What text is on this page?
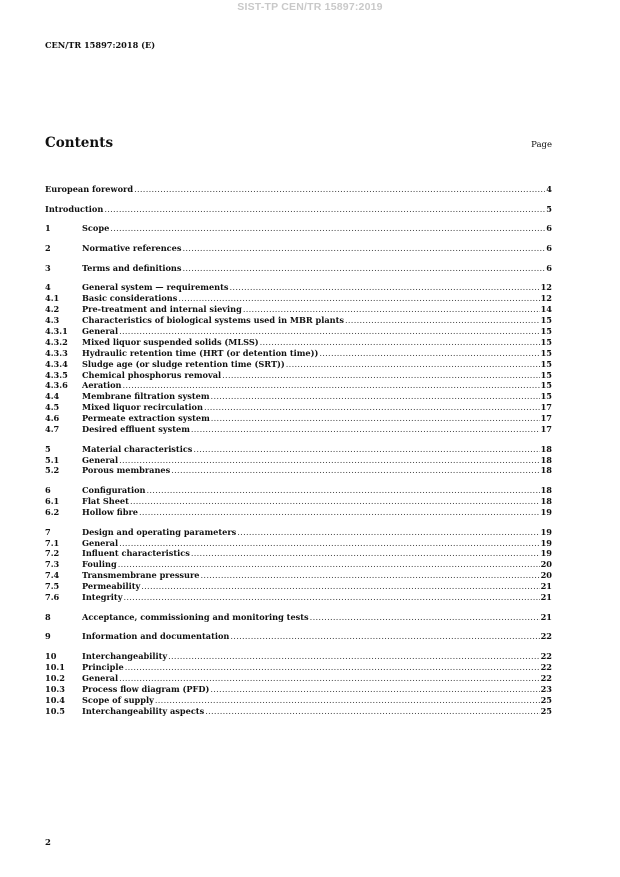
SIST-TP CEN/TR 15897:2019
CEN/TR 15897:2018 (E)
Contents	Page
European foreword .....	4
Introduction .....	5
1	Scope .....	6
2	Normative references .....	6
3	Terms and definitions .....	6
4	General system — requirements .....	12
4.1	Basic considerations .....	12
4.2	Pre-treatment and internal sieving .....	14
4.3	Characteristics of biological systems used in MBR plants .....	15
4.3.1	General .....	15
4.3.2	Mixed liquor suspended solids (MLSS) .....	15
4.3.3	Hydraulic retention time (HRT (or detention time)) .....	15
4.3.4	Sludge age (or sludge retention time (SRT)) .....	15
4.3.5	Chemical phosphorus removal .....	15
4.3.6	Aeration .....	15
4.4	Membrane filtration system .....	15
4.5	Mixed liquor recirculation .....	17
4.6	Permeate extraction system .....	17
4.7	Desired effluent system .....	17
5	Material characteristics .....	18
5.1	General .....	18
5.2	Porous membranes .....	18
6	Configuration .....	18
6.1	Flat Sheet .....	18
6.2	Hollow fibre .....	19
7	Design and operating parameters .....	19
7.1	General .....	19
7.2	Influent characteristics .....	19
7.3	Fouling .....	20
7.4	Transmembrane pressure .....	20
7.5	Permeability .....	21
7.6	Integrity .....	21
8	Acceptance, commissioning and monitoring tests .....	21
9	Information and documentation .....	22
10	Interchangeability .....	22
10.1	Principle .....	22
10.2	General .....	22
10.3	Process flow diagram (PFD) .....	23
10.4	Scope of supply .....	25
10.5	Interchangeability aspects .....	25
2
